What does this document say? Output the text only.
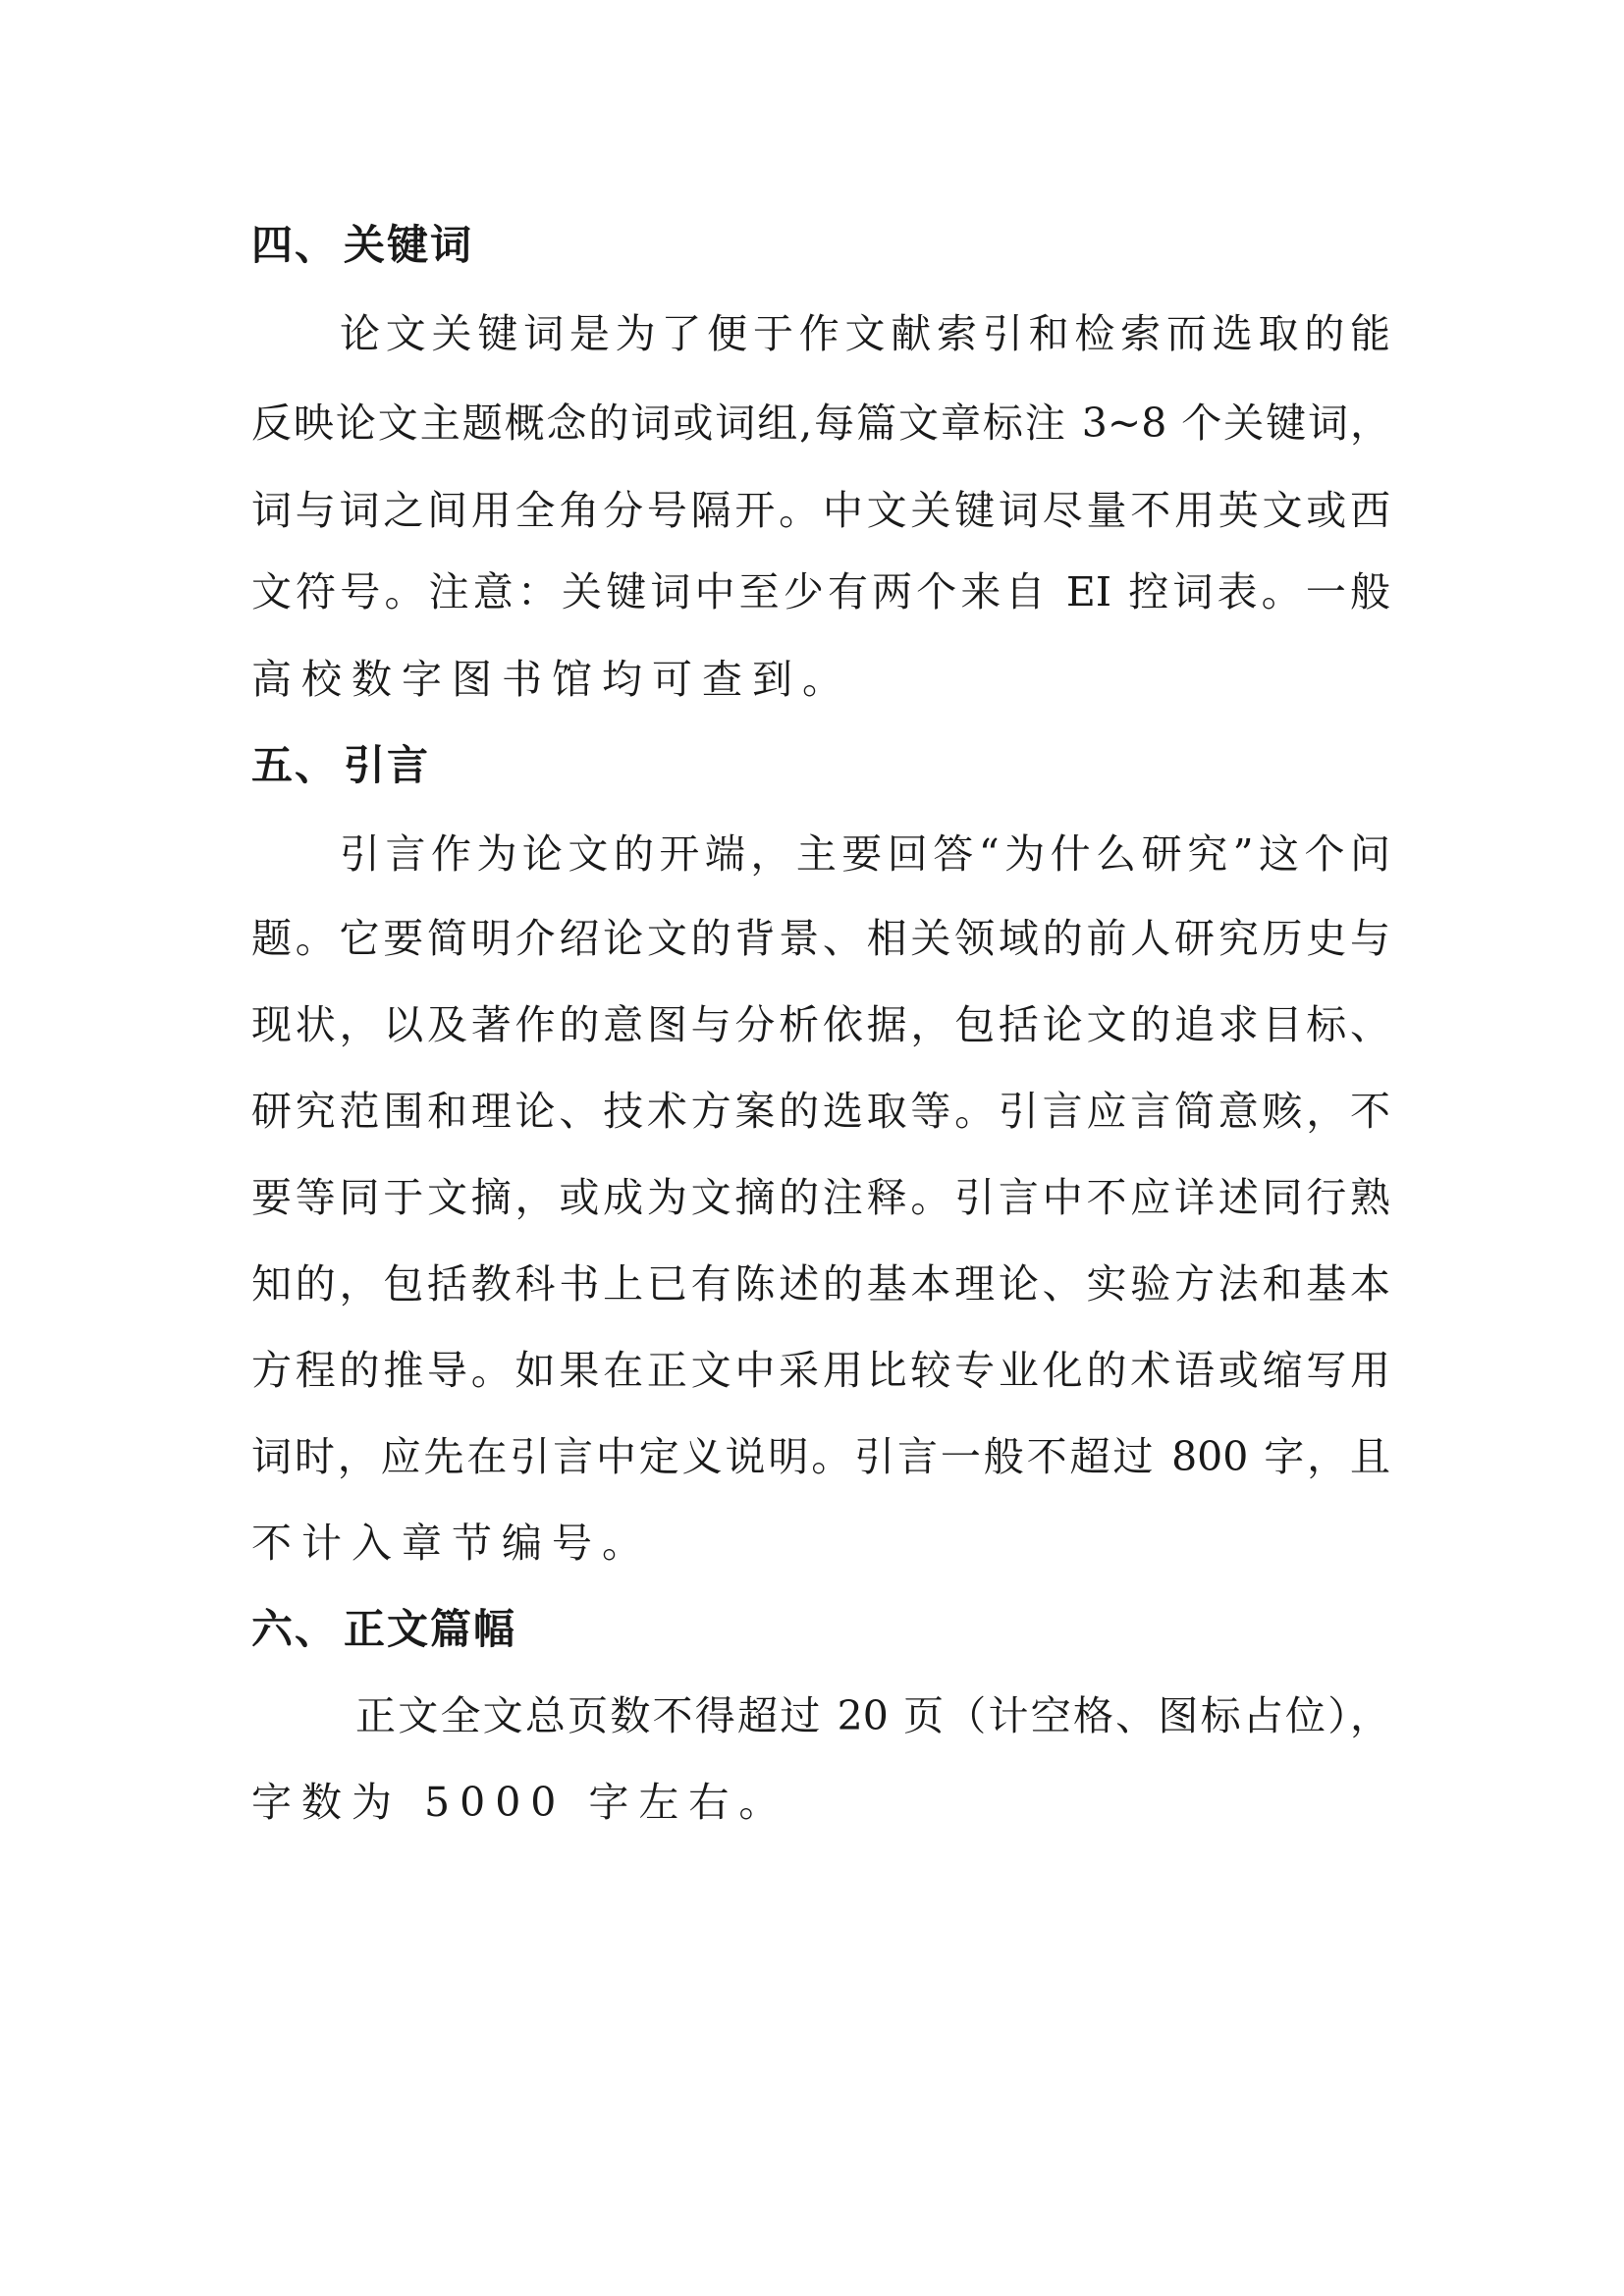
四、 关键词
论文关键词是为了便于作文献索引和检索而选取的能
反映论文主题概念的词或词组,每篇文章标注 3~8 个关键词，
词与词之间用全角分号隔开。中文关键词尽量不用英文或西
文符号。注意：关键词中至少有两个来自 EI 控词表。一般
高校数字图书馆均可查到。
五、 引言
引言作为论文的开端，主要回答“为什么研究”这个问
题。它要简明介绍论文的背景、相关领域的前人研究历史与
现状，以及著作的意图与分析依据，包括论文的追求目标、
研究范围和理论、技术方案的选取等。引言应言简意赅，不
要等同于文摘，或成为文摘的注释。引言中不应详述同行熟
知的，包括教科书上已有陈述的基本理论、实验方法和基本
方程的推导。如果在正文中采用比较专业化的术语或缩写用
词时，应先在引言中定义说明。引言一般不超过 800 字，且
不计入章节编号。
六、 正文篇幅
正文全文总页数不得超过 20 页（计空格、图标占位），
字数为 5000 字左右。
